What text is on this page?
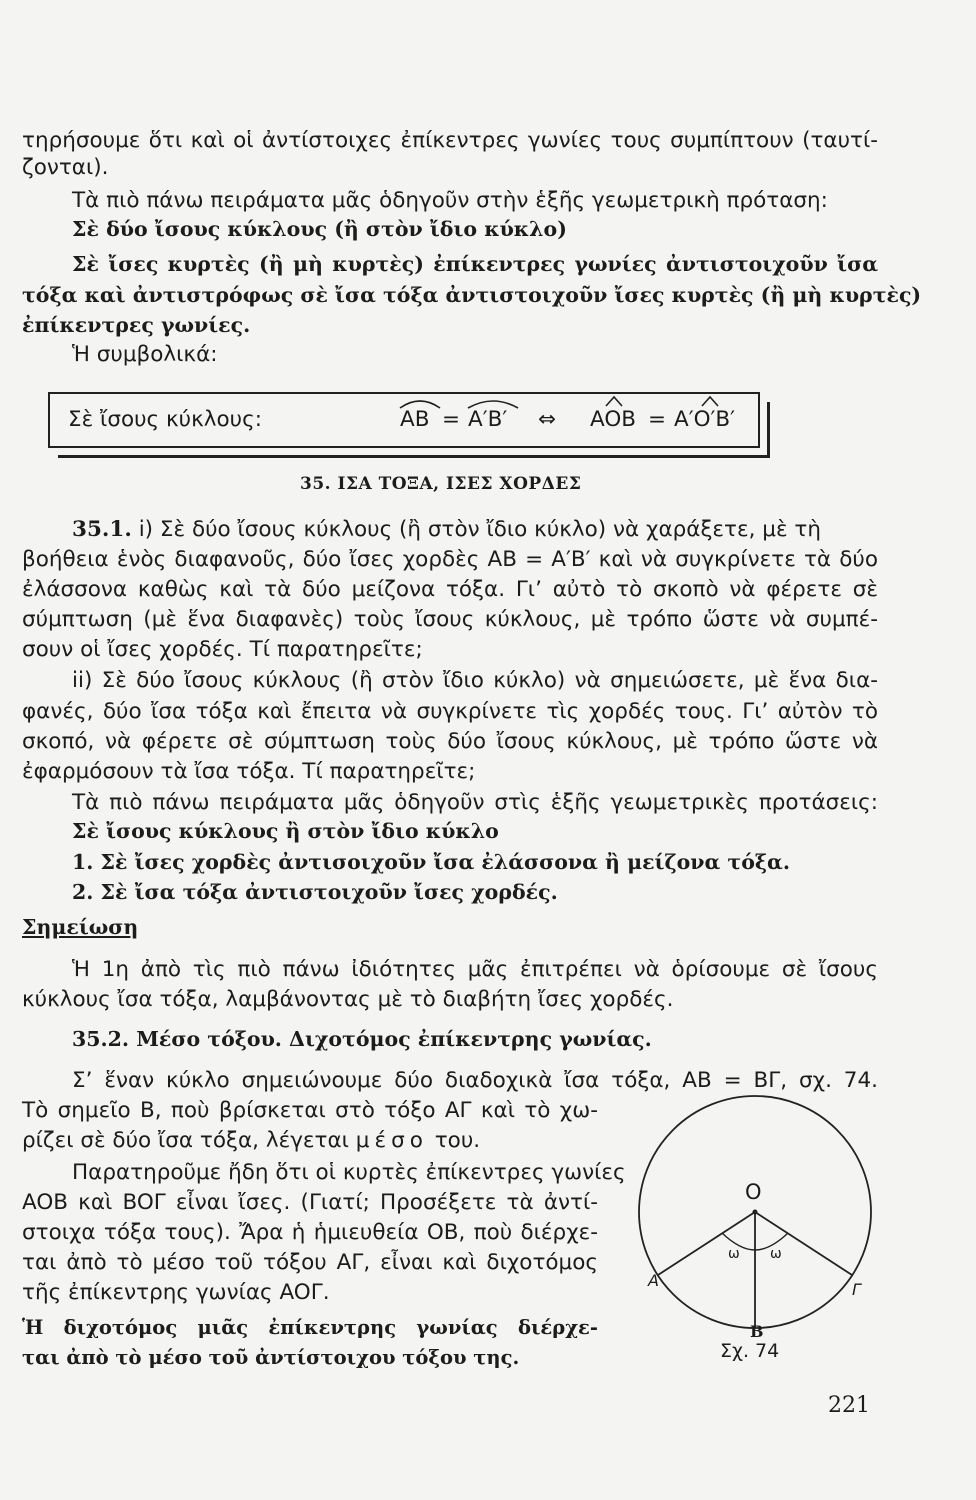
τηρήσουμε ὅτι καὶ οἱ ἀντίστοιχες ἐπίκεντρες γωνίες τους συμπίπτουν (ταυτί-
ζονται).
Τὰ πιὸ πάνω πειράματα μᾶς ὁδηγοῦν στὴν ἑξῆς γεωμετρικὴ πρόταση:
Σὲ δύο ἴσους κύκλους (ἢ στὸν ἴδιο κύκλο)
Σὲ ἴσες κυρτὲς (ἢ μὴ κυρτὲς) ἐπίκεντρες γωνίες ἀντιστοιχοῦν ἴσα
τόξα καὶ ἀντιστρόφως σὲ ἴσα τόξα ἀντιστοιχοῦν ἴσες κυρτὲς (ἢ μὴ κυρτὲς)
ἐπίκεντρες γωνίες.
Ἡ συμβολικά:
Σὲ ἴσους κύκλους:	AB = A′B′ ⇔ AOB = A′O′B′
35. ΙΣΑ ΤΟΞΑ, ΙΣΕΣ ΧΟΡΔΕΣ
35.1. i) Σὲ δύο ἴσους κύκλους (ἢ στὸν ἴδιο κύκλο) νὰ χαράξετε, μὲ τὴ
βοήθεια ἑνὸς διαφανοῦς, δύο ἴσες χορδὲς AB = A′B′ καὶ νὰ συγκρίνετε τὰ δύο
ἐλάσσονα καθὼς καὶ τὰ δύο μείζονα τόξα. Γι’ αὐτὸ τὸ σκοπὸ νὰ φέρετε σὲ
σύμπτωση (μὲ ἕνα διαφανὲς) τοὺς ἴσους κύκλους, μὲ τρόπο ὥστε νὰ συμπέ-
σουν οἱ ἴσες χορδές. Τί παρατηρεῖτε;
ii) Σὲ δύο ἴσους κύκλους (ἢ στὸν ἴδιο κύκλο) νὰ σημειώσετε, μὲ ἕνα δια-
φανές, δύο ἴσα τόξα καὶ ἔπειτα νὰ συγκρίνετε τὶς χορδές τους. Γι’ αὐτὸν τὸ
σκοπό, νὰ φέρετε σὲ σύμπτωση τοὺς δύο ἴσους κύκλους, μὲ τρόπο ὥστε νὰ
ἐφαρμόσουν τὰ ἴσα τόξα. Τί παρατηρεῖτε;
Τὰ πιὸ πάνω πειράματα μᾶς ὁδηγοῦν στὶς ἑξῆς γεωμετρικὲς προτάσεις:
Σὲ ἴσους κύκλους ἢ στὸν ἴδιο κύκλο
1. Σὲ ἴσες χορδὲς ἀντισοιχοῦν ἴσα ἐλάσσονα ἢ μείζονα τόξα.
2. Σὲ ἴσα τόξα ἀντιστοιχοῦν ἴσες χορδές.
Σημείωση
Ἡ 1η ἀπὸ τὶς πιὸ πάνω ἰδιότητες μᾶς ἐπιτρέπει νὰ ὁρίσουμε σὲ ἴσους
κύκλους ἴσα τόξα, λαμβάνοντας μὲ τὸ διαβήτη ἴσες χορδές.
35.2. Μέσο τόξου. Διχοτόμος ἐπίκεντρης γωνίας.
Σ’ ἕναν κύκλο σημειώνουμε δύο διαδοχικὰ ἴσα τόξα, AB = BΓ, σχ. 74.
Τὸ σημεῖο B, ποὺ βρίσκεται στὸ τόξο AΓ καὶ τὸ χω-
ρίζει σὲ δύο ἴσα τόξα, λέγεται μέσο του.
Παρατηροῦμε ἤδη ὅτι οἱ κυρτὲς ἐπίκεντρες γωνίες
AOB καὶ BOΓ εἶναι ἴσες. (Γιατί; Προσέξετε τὰ ἀντί-
στοιχα τόξα τους). Ἄρα ἡ ἡμιευθεία OB, ποὺ διέρχε-
ται ἀπὸ τὸ μέσο τοῦ τόξου AΓ, εἶναι καὶ διχοτόμος
τῆς ἐπίκεντρης γωνίας AOΓ.
Ἡ διχοτόμος μιᾶς ἐπίκεντρης γωνίας διέρχε-
ται ἀπὸ τὸ μέσο τοῦ ἀντίστοιχου τόξου της.
O
A
B
Γ
ω ω
Σχ. 74
221
